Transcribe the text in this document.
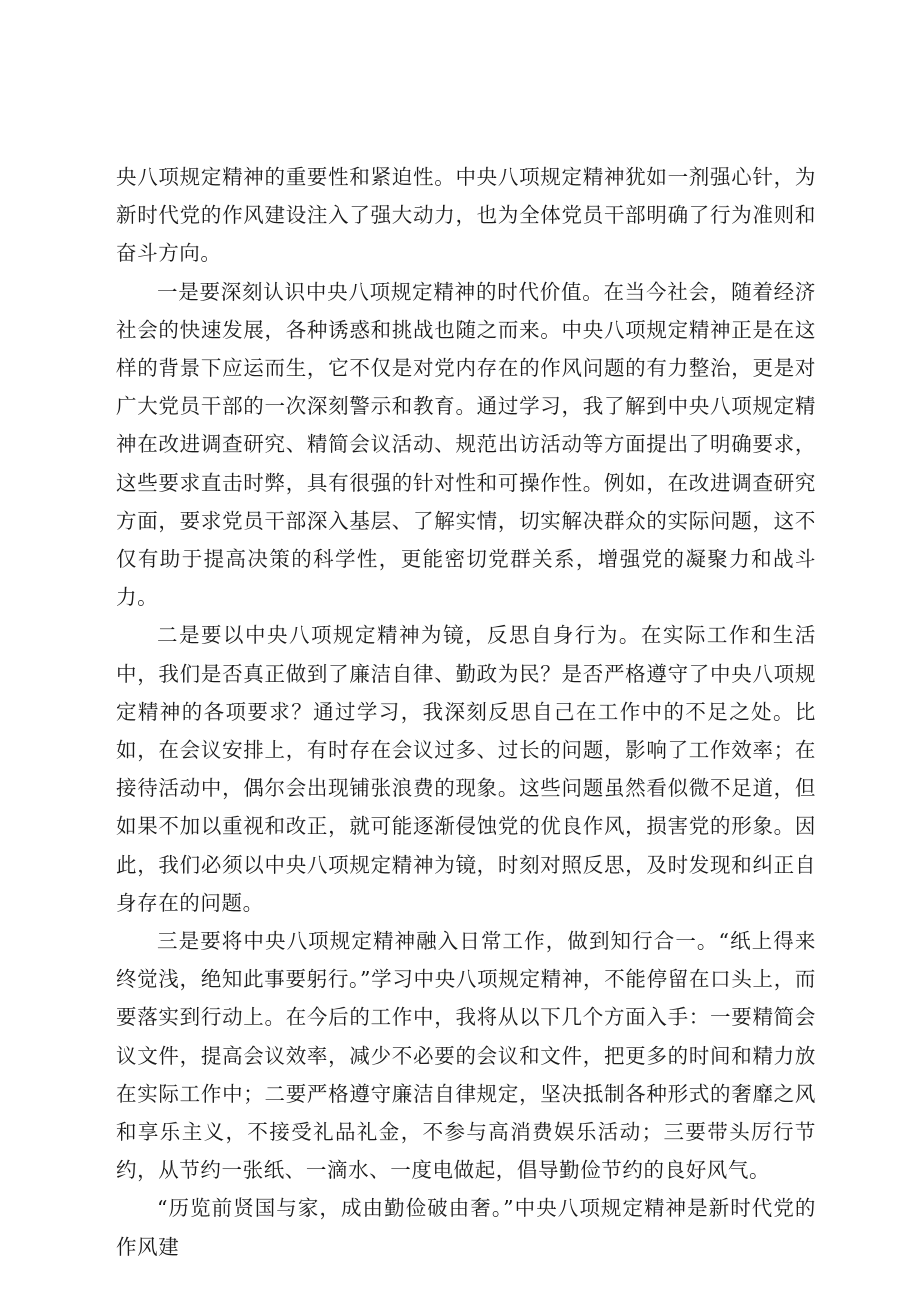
央八项规定精神的重要性和紧迫性。中央八项规定精神犹如一剂强心针，为新时代党的作风建设注入了强大动力，也为全体党员干部明确了行为准则和奋斗方向。

一是要深刻认识中央八项规定精神的时代价值。在当今社会，随着经济社会的快速发展，各种诱惑和挑战也随之而来。中央八项规定精神正是在这样的背景下应运而生，它不仅是对党内存在的作风问题的有力整治，更是对广大党员干部的一次深刻警示和教育。通过学习，我了解到中央八项规定精神在改进调查研究、精简会议活动、规范出访活动等方面提出了明确要求，这些要求直击时弊，具有很强的针对性和可操作性。例如，在改进调查研究方面，要求党员干部深入基层、了解实情，切实解决群众的实际问题，这不仅有助于提高决策的科学性，更能密切党群关系，增强党的凝聚力和战斗力。

二是要以中央八项规定精神为镜，反思自身行为。在实际工作和生活中，我们是否真正做到了廉洁自律、勤政为民？是否严格遵守了中央八项规定精神的各项要求？通过学习，我深刻反思自己在工作中的不足之处。比如，在会议安排上，有时存在会议过多、过长的问题，影响了工作效率；在接待活动中，偶尔会出现铺张浪费的现象。这些问题虽然看似微不足道，但如果不加以重视和改正，就可能逐渐侵蚀党的优良作风，损害党的形象。因此，我们必须以中央八项规定精神为镜，时刻对照反思，及时发现和纠正自身存在的问题。

三是要将中央八项规定精神融入日常工作，做到知行合一。“纸上得来终觉浅，绝知此事要躬行。”学习中央八项规定精神，不能停留在口头上，而要落实到行动上。在今后的工作中，我将从以下几个方面入手：一要精简会议文件，提高会议效率，减少不必要的会议和文件，把更多的时间和精力放在实际工作中；二要严格遵守廉洁自律规定，坚决抵制各种形式的奢靡之风和享乐主义，不接受礼品礼金，不参与高消费娱乐活动；三要带头厉行节约，从节约一张纸、一滴水、一度电做起，倡导勤俭节约的良好风气。

“历览前贤国与家，成由勤俭破由奢。”中央八项规定精神是新时代党的作风建
